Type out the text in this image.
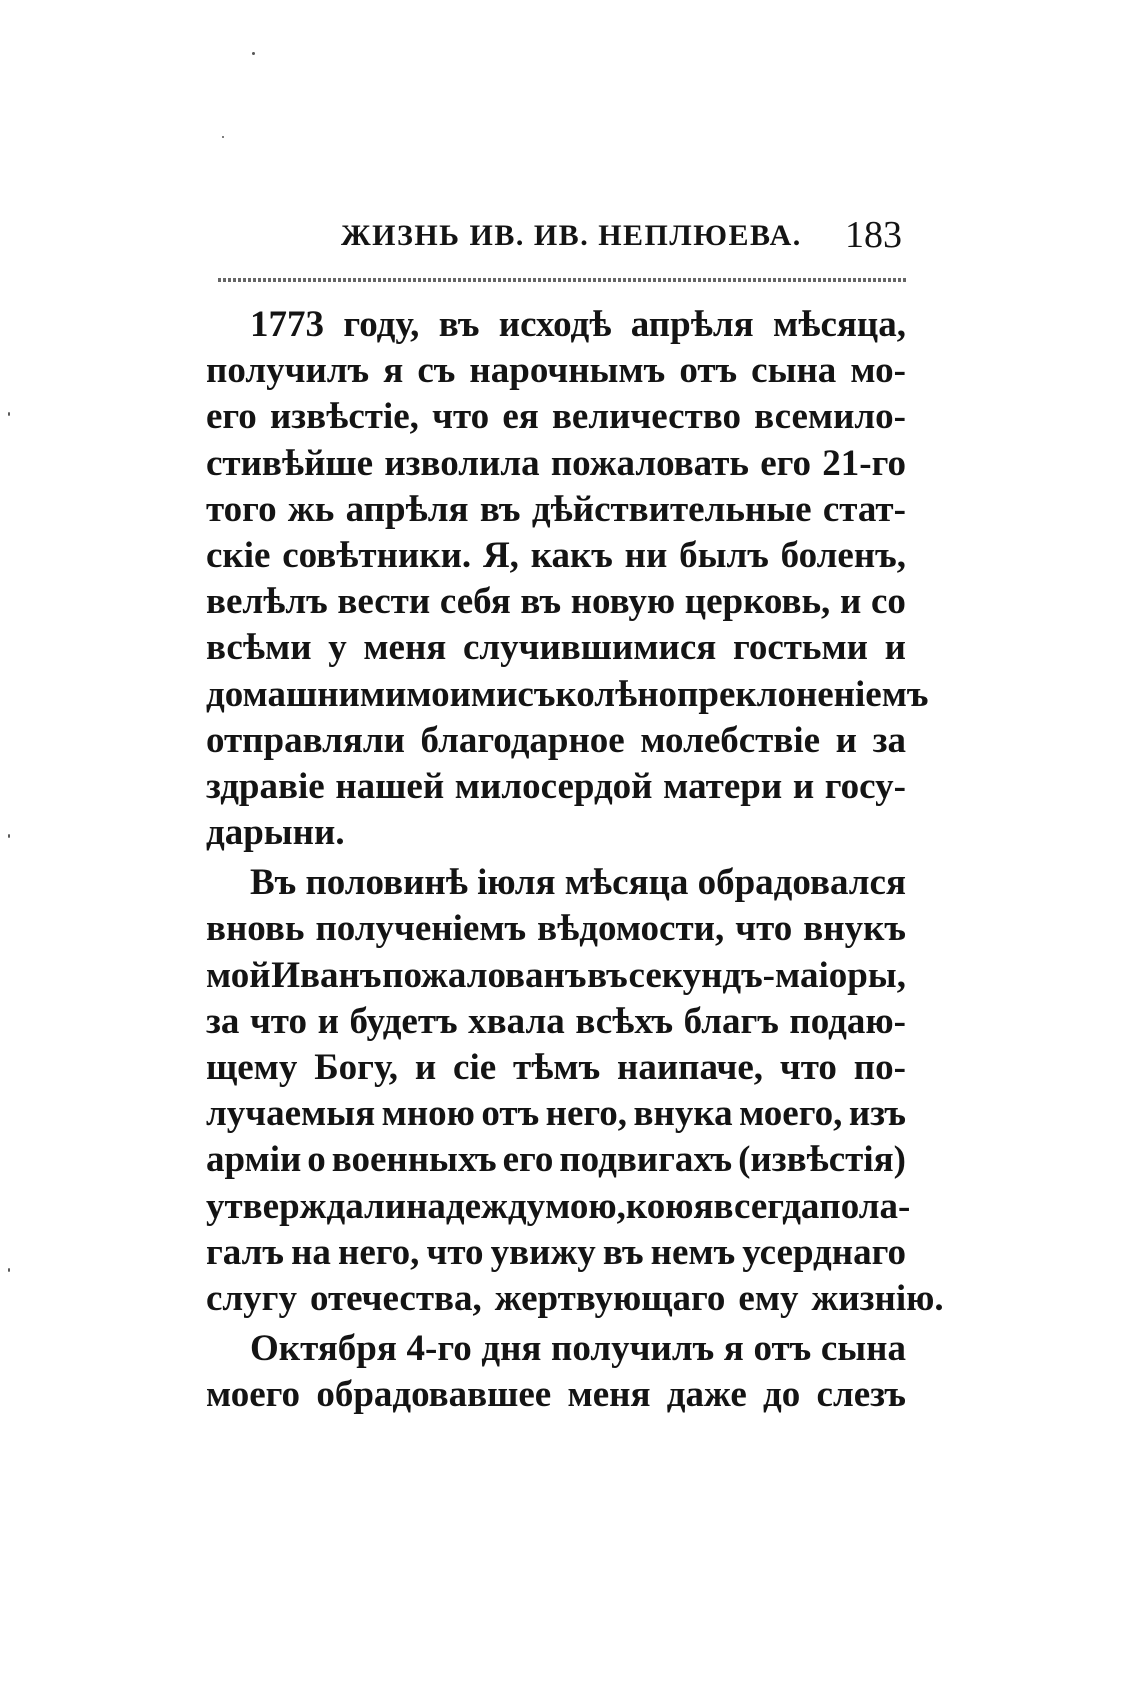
ЖИЗНЬ ИВ. ИВ. НЕПЛЮЕВА. 183
1773 году, въ исходѣ апрѣля мѣсяца,
получилъ я съ нарочнымъ отъ сына мо-
его извѣстіе, что ея величество всемило-
стивѣйше изволила пожаловать его 21-го
того жь апрѣля въ дѣйствительные стат-
скіе совѣтники. Я, какъ ни былъ боленъ,
велѣлъ вести себя въ новую церковь, и со
всѣми у меня случившимися гостьми и
домашними моими съ колѣнопреклоненіемъ
отправляли благодарное молебствіе и за
здравіе нашей милосердой матери и госу-
дарыни.
Въ половинѣ іюля мѣсяца обрадовался
вновь полученіемъ вѣдомости, что внукъ
мой Иванъ пожалованъ въ секундъ-маіоры,
за что и будетъ хвала всѣхъ благъ подаю-
щему Богу, и сіе тѣмъ наипаче, что по-
лучаемыя мною отъ него, внука моего, изъ
арміи о военныхъ его подвигахъ (извѣстія)
утверждали надежду мою, кою я всегда пола-
галъ на него, что увижу въ немъ усерднаго
слугу отечества, жертвующаго ему жизнію.
Октября 4-го дня получилъ я отъ сына
моего обрадовавшее меня даже до слезъ
